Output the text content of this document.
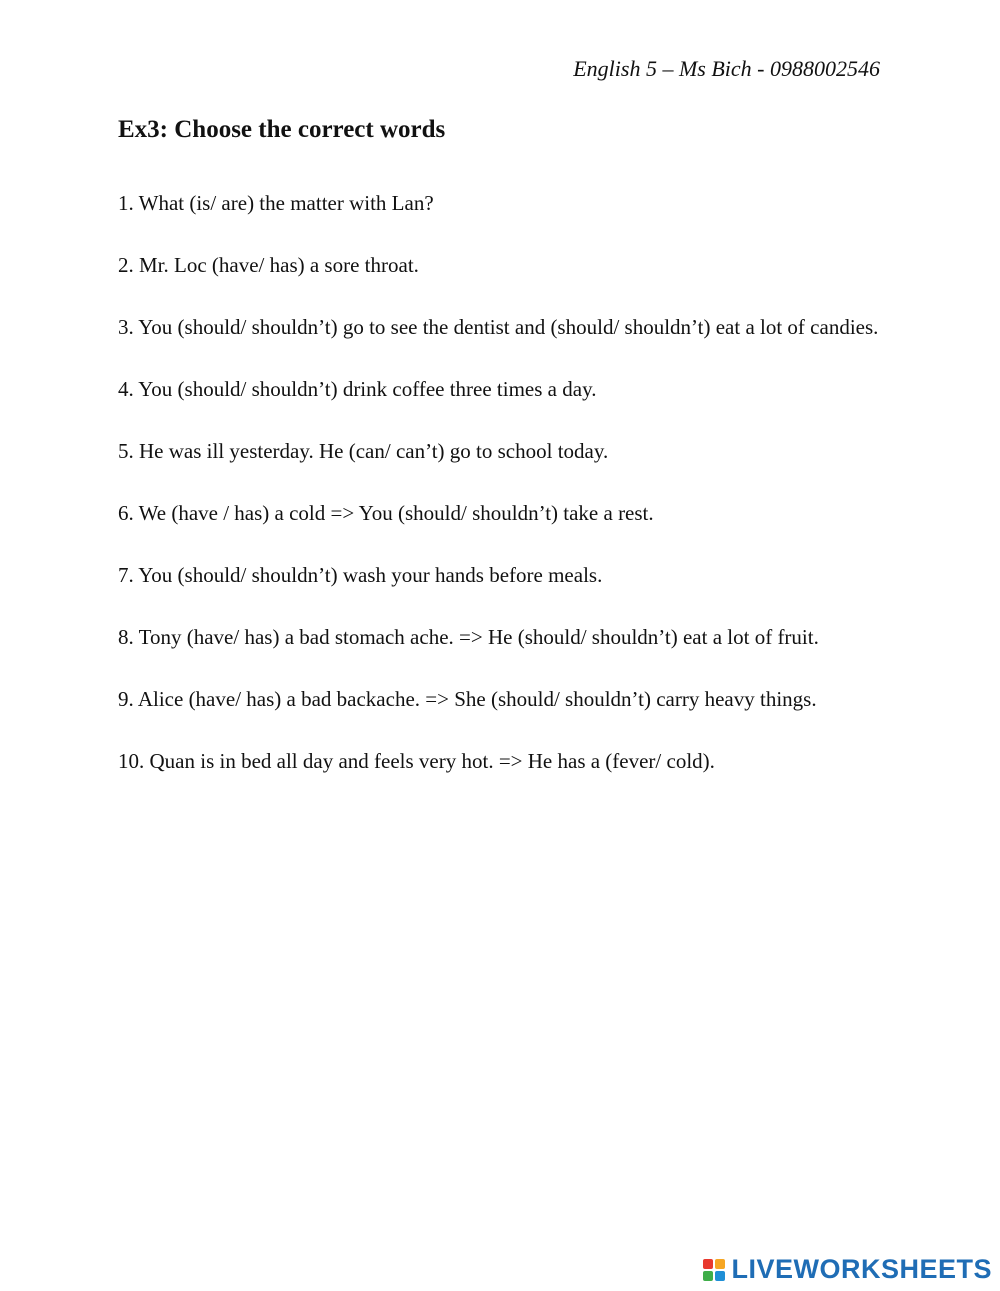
English 5 – Ms Bich - 0988002546
Ex3: Choose the correct words
1. What (is/ are) the matter with Lan?
2. Mr. Loc (have/ has) a sore throat.
3. You (should/ shouldn’t) go to see the dentist and (should/ shouldn’t) eat a lot of candies.
4. You (should/ shouldn’t) drink coffee three times a day.
5. He was ill yesterday. He (can/ can’t) go to school today.
6. We (have / has) a cold => You (should/ shouldn’t) take a rest.
7. You (should/ shouldn’t) wash your hands before meals.
8. Tony (have/ has) a bad stomach ache. => He (should/ shouldn’t) eat a lot of fruit.
9. Alice (have/ has) a bad backache. => She (should/ shouldn’t) carry heavy things.
10. Quan is in bed all day and feels very hot. => He has a (fever/ cold).
LIVEWORKSHEETS
